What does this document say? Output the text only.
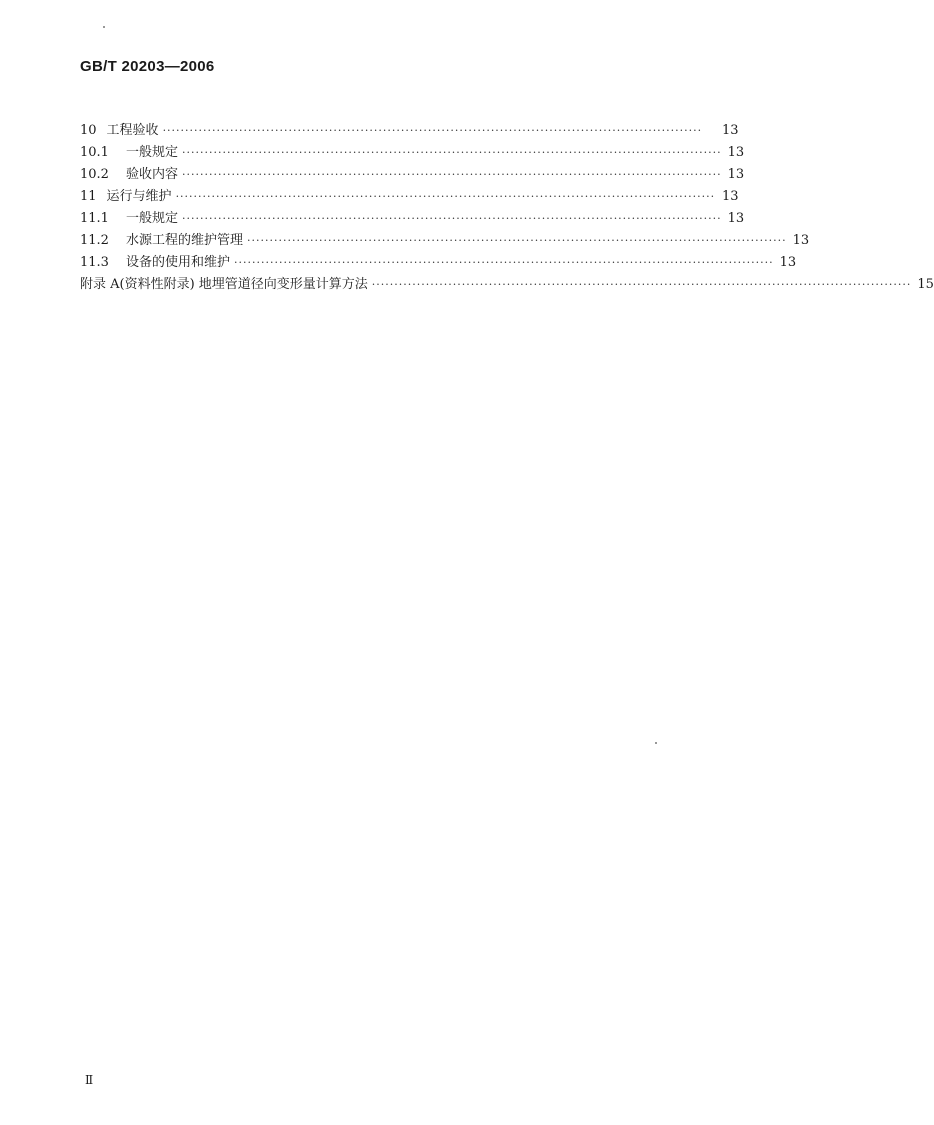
GB/T 20203—2006
10 工程验收 ························································································································	13
10.1	一般规定 ························································································································ 13
10.2	验收内容 ························································································································ 13
11 运行与维护 ························································································································ 13
11.1	一般规定 ························································································································ 13
11.2	水源工程的维护管理 ························································································································ 13
11.3	设备的使用和维护 ························································································································ 13
附录 A(资料性附录) 地埋管道径向变形量计算方法 ························································································································ 15
Ⅱ
